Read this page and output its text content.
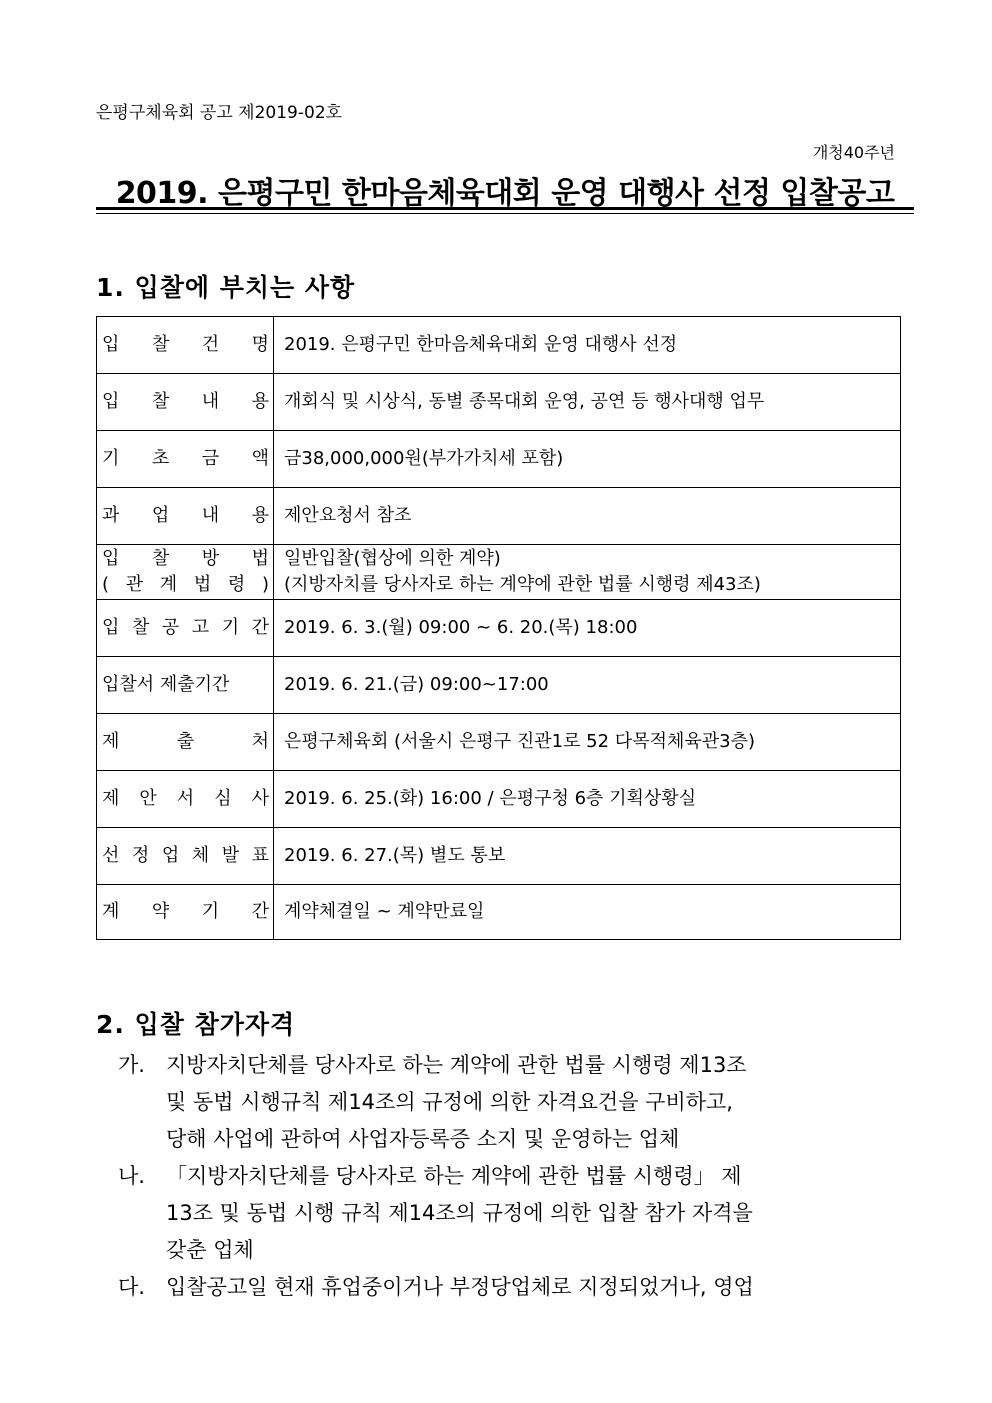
은평구체육회 공고 제2019-02호
개청40주년
2019. 은평구민 한마음체육대회 운영 대행사 선정 입찰공고
1. 입찰에 부치는 사항
입 찰 건 명	2019. 은평구민 한마음체육대회 운영 대행사 선정

입 찰 내 용	개회식 및 시상식, 동별 종목대회 운영, 공연 등 행사대행 업무

기 초 금 액	금38,000,000원(부가가치세 포함)

과 업 내 용	제안요청서 참조

입 찰 방 법
( 관 계 법 령 )	일반입찰(협상에 의한 계약)
(지방자치를 당사자로 하는 계약에 관한 법률 시행령 제43조)

입 찰 공 고 기 간	2019. 6. 3.(월) 09:00 ~ 6. 20.(목) 18:00
입찰서 제출기간	2019. 6. 21.(금) 09:00~17:00

제 출 처	은평구체육회 (서울시 은평구 진관1로 52 다목적체육관3층)

제 안 서 심 사	2019. 6. 25.(화) 16:00 / 은평구청 6층 기획상황실

선 정 업 체 발 표	2019. 6. 27.(목) 별도 통보

계 약 기 간	계약체결일 ~ 계약만료일
2. 입찰 참가자격
가.	지방자치단체를 당사자로 하는 계약에 관한 법률 시행령 제13조
및 동법 시행규칙 제14조의 규정에 의한 자격요건을 구비하고,
당해 사업에 관하여 사업자등록증 소지 및 운영하는 업체
나.	「지방자치단체를 당사자로 하는 계약에 관한 법률 시행령」 제
13조 및 동법 시행 규칙 제14조의 규정에 의한 입찰 참가 자격을
갖춘 업체
다.	입찰공고일 현재 휴업중이거나 부정당업체로 지정되었거나, 영업
